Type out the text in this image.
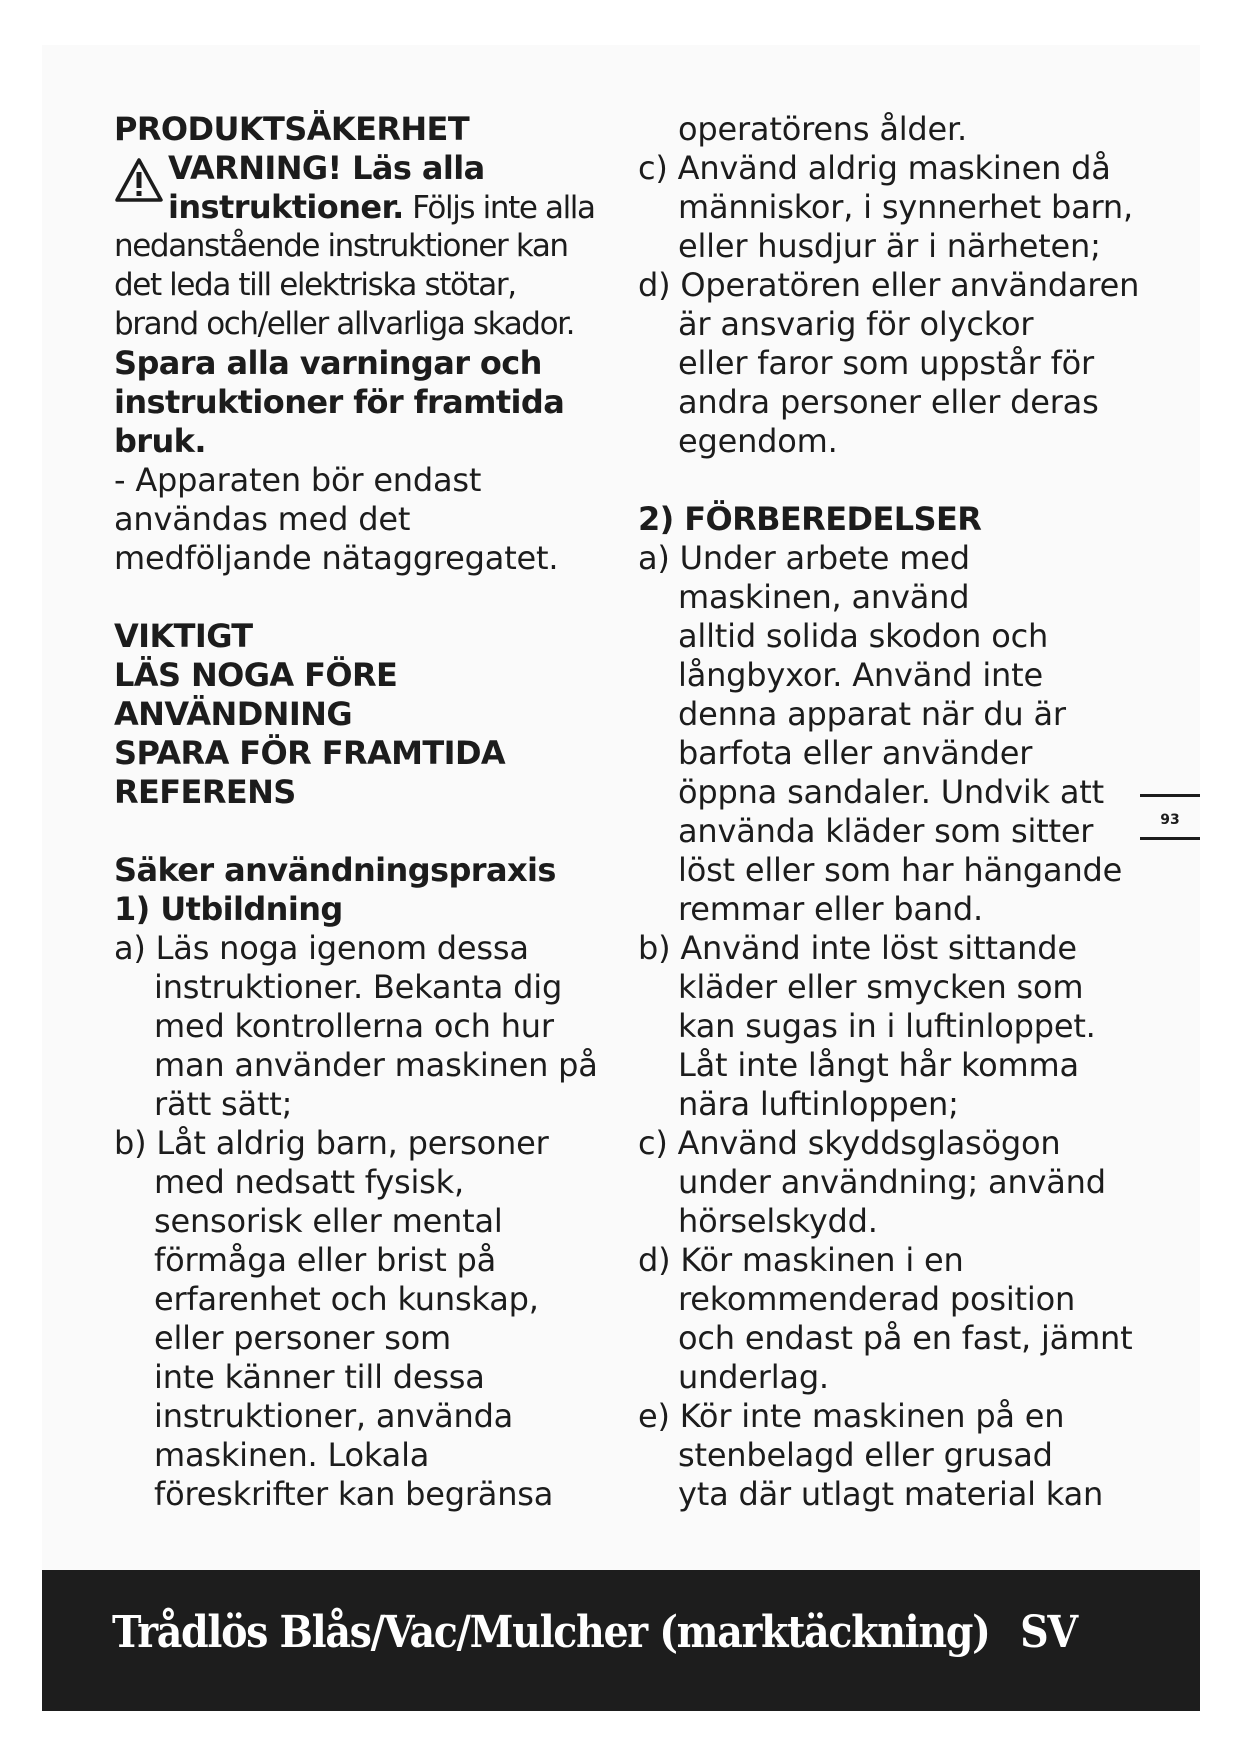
PRODUKTSÄKERHET
VARNING! Läs alla
instruktioner. Följs inte alla
nedanstående instruktioner kan
det leda till elektriska stötar,
brand och/eller allvarliga skador.
Spara alla varningar och
instruktioner för framtida
bruk.
- Apparaten bör endast
användas med det
medföljande nätaggregatet.
VIKTIGT
LÄS NOGA FÖRE
ANVÄNDNING
SPARA FÖR FRAMTIDA
REFERENS
Säker användningspraxis
1) Utbildning
a) Läs noga igenom dessa
instruktioner. Bekanta dig
med kontrollerna och hur
man använder maskinen på
rätt sätt;
b) Låt aldrig barn, personer
med nedsatt fysisk,
sensorisk eller mental
förmåga eller brist på
erfarenhet och kunskap,
eller personer som
inte känner till dessa
instruktioner, använda
maskinen. Lokala
föreskrifter kan begränsa
operatörens ålder.
c) Använd aldrig maskinen då
människor, i synnerhet barn,
eller husdjur är i närheten;
d) Operatören eller användaren
är ansvarig för olyckor
eller faror som uppstår för
andra personer eller deras
egendom.
2) FÖRBEREDELSER
a) Under arbete med
maskinen, använd
alltid solida skodon och
långbyxor. Använd inte
denna apparat när du är
barfota eller använder
öppna sandaler. Undvik att
använda kläder som sitter
löst eller som har hängande
remmar eller band.
b) Använd inte löst sittande
kläder eller smycken som
kan sugas in i luftinloppet.
Låt inte långt hår komma
nära luftinloppen;
c) Använd skyddsglasögon
under användning; använd
hörselskydd.
d) Kör maskinen i en
rekommenderad position
och endast på en fast, jämnt
underlag.
e) Kör inte maskinen på en
stenbelagd eller grusad
yta där utlagt material kan
93
Trådlös Blås/Vac/Mulcher (marktäckning) SV
